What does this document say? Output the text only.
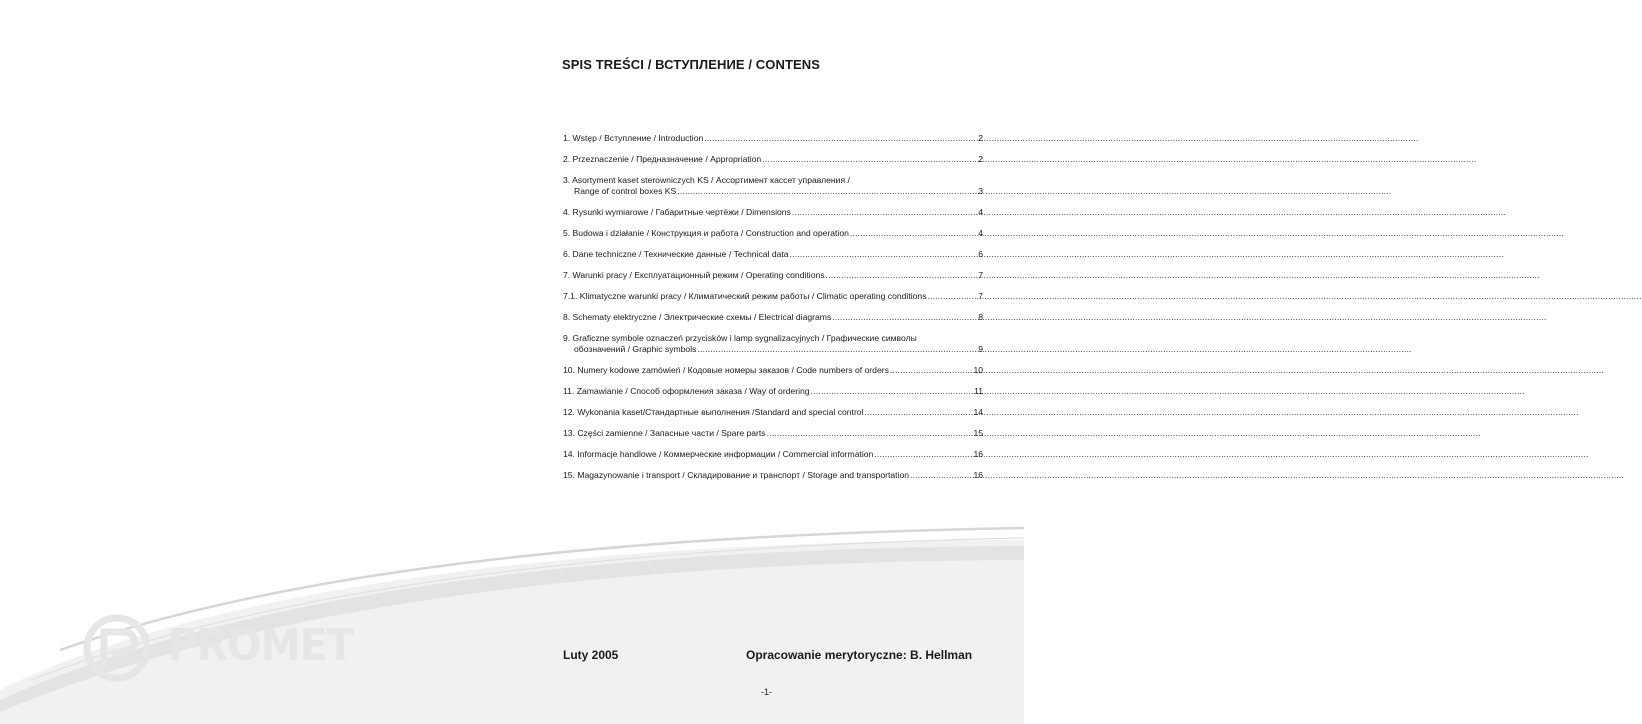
PROMET
SPIS TREŚCI / ВСТУПЛЕНИЕ / CONTENS
1. Wstęp / Вступление / Introduction .....	2
2. Przeznaczenie / Предназначение / Appropriation .....	2
3. Asortyment kaset sterowniczych KS / Ассортимент кассет управления /
Range of control boxes KS .....	3
4. Rysunki wymiarowe / Габаритные чертёжи / Dimensions .....	4
5. Budowa i działanie / Конструкция и работа / Construction and operation .....	4
6. Dane techniczne / Технические данные / Technical data .....	6
7. Warunki pracy / Експлуатационный режим / Operating conditions .....	7
7.1. Klimatyczne warunki pracy / Климатический режим работы / Climatic operating conditions .....	7
8. Schematy elektryczne / Электрические схемы / Electrical diagrams .....	8
9. Graficzne symbole oznaczeń przycisków i lamp sygnalizacyjnych / Графические символы
обозначений / Graphic symbols .....	9
10. Numery kodowe zamówień / Кодовые номеры заказов / Code numbers of orders .....	10
11. Zamawianie / Способ оформления заказа / Way of ordering .....	11
12. Wykonania kaset/Стандартные выполнения /Standard and special control .....	14
13. Części zamienne / Запасные части / Spare parts .....	15
14. Informacje handlowe / Коммерческие информации / Commercial information .....	16
15. Magazynowanie i transport / Складирование и транспорт / Storage and transportation .....	16
Luty 2005	Opracowanie merytoryczne: B. Hellman
-1-
